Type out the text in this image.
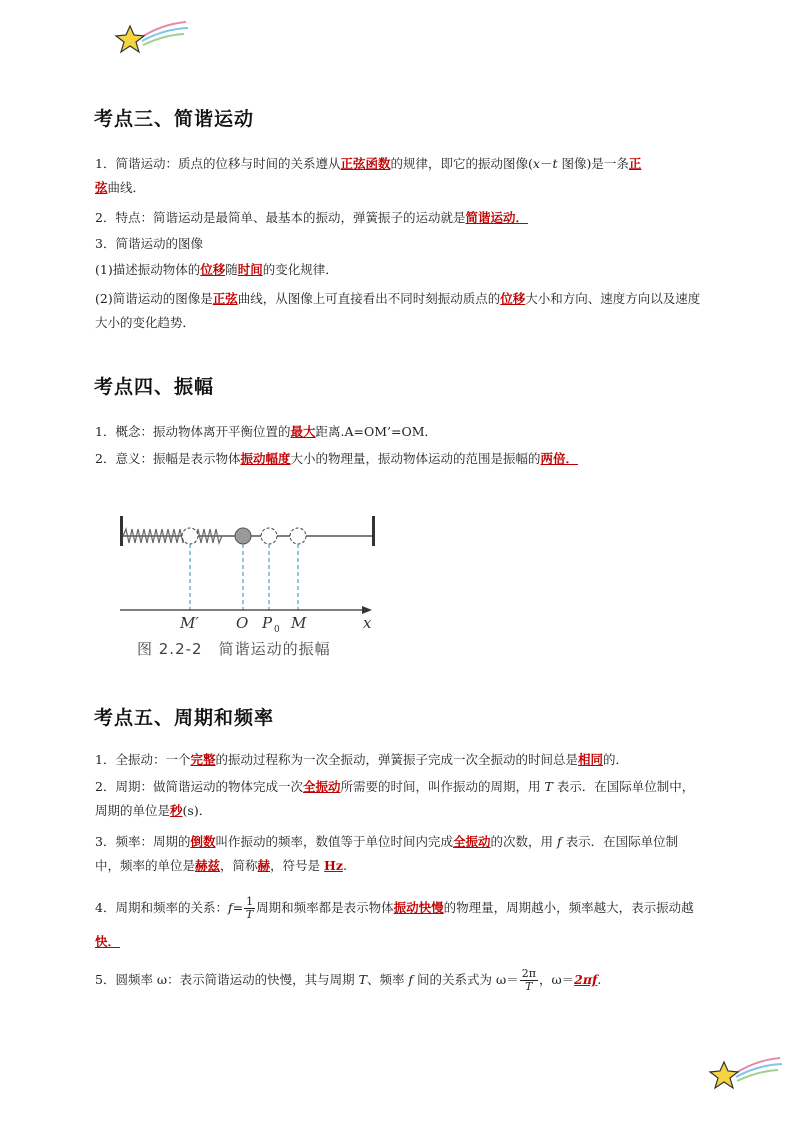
考点三、简谐运动
1．简谐运动：质点的位移与时间的关系遵从正弦函数的规律，即它的振动图像(x－t 图像)是一条正
弦曲线．
2．特点：简谐运动是最简单、最基本的振动，弹簧振子的运动就是简谐运动．
3．简谐运动的图像
(1)描述振动物体的位移随时间的变化规律．
(2)简谐运动的图像是正弦曲线，从图像上可直接看出不同时刻振动质点的位移大小和方向、速度方向以及速度大小的变化趋势．
考点四、振幅
1．概念：振动物体离开平衡位置的最大距离.A=OM’=OM．
2．意义：振幅是表示物体振动幅度大小的物理量，振动物体运动的范围是振幅的两倍．
M′ O P 0 M	x
图 2.2-2　简谐运动的振幅
考点五、周期和频率
1．全振动：一个完整的振动过程称为一次全振动，弹簧振子完成一次全振动的时间总是相同的．
2．周期：做简谐运动的物体完成一次全振动所需要的时间，叫作振动的周期，用 T 表示．在国际单位制中，周期的单位是秒(s)．
3．频率：周期的倒数叫作振动的频率，数值等于单位时间内完成全振动的次数，用 f 表示．在国际单位制中，频率的单位是赫兹，简称赫，符号是 Hz.
4．周期和频率的关系：$f= \frac{1}{T}$ 周期和频率都是表示物体振动快慢的物理量，周期越小，频率越大，表示振动越快．
5．圆频率 ω：表示简谐运动的快慢，其与周期 T、频率 f 间的关系式为 $\omega= \frac{2\pi}{T}$ ，ω＝2πf.
